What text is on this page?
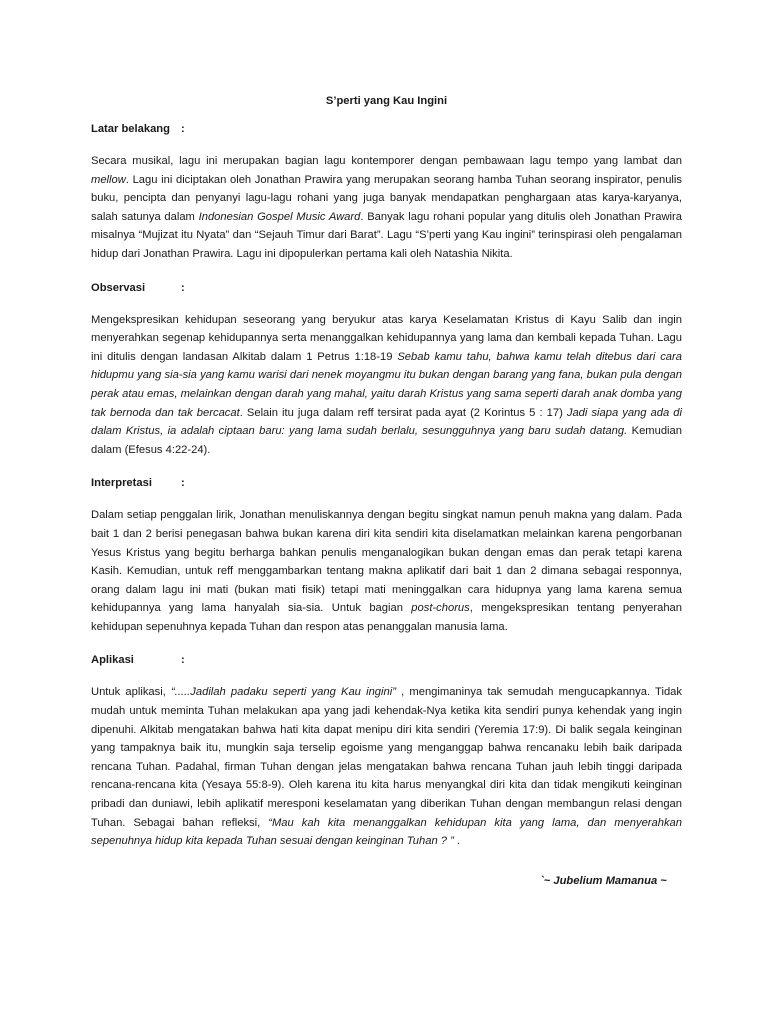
S’perti yang Kau Ingini
Latar belakang :

Secara musikal, lagu ini merupakan bagian lagu kontemporer dengan pembawaan lagu tempo yang lambat dan mellow. Lagu ini diciptakan oleh Jonathan Prawira yang merupakan seorang hamba Tuhan seorang inspirator, penulis buku, pencipta dan penyanyi lagu-lagu rohani yang juga banyak mendapatkan penghargaan atas karya-karyanya, salah satunya dalam Indonesian Gospel Music Award. Banyak lagu rohani popular yang ditulis oleh Jonathan Prawira misalnya “Mujizat itu Nyata” dan “Sejauh Timur dari Barat”. Lagu “S’perti yang Kau ingini” terinspirasi oleh pengalaman hidup dari Jonathan Prawira. Lagu ini dipopulerkan pertama kali oleh Natashia Nikita.

Observasi	:

Mengekspresikan kehidupan seseorang yang beryukur atas karya Keselamatan Kristus di Kayu Salib dan ingin menyerahkan segenap kehidupannya serta menanggalkan kehidupannya yang lama dan kembali kepada Tuhan. Lagu ini ditulis dengan landasan Alkitab dalam 1 Petrus 1:18-19 Sebab kamu tahu, bahwa kamu telah ditebus dari cara hidupmu yang sia-sia yang kamu warisi dari nenek moyangmu itu bukan dengan barang yang fana, bukan pula dengan perak atau emas, melainkan dengan darah yang mahal, yaitu darah Kristus yang sama seperti darah anak domba yang tak bernoda dan tak bercacat. Selain itu juga dalam reff tersirat pada ayat (2 Korintus 5 : 17) Jadi siapa yang ada di dalam Kristus, ia adalah ciptaan baru: yang lama sudah berlalu, sesungguhnya yang baru sudah datang. Kemudian dalam (Efesus 4:22-24).

Interpretasi	:

Dalam setiap penggalan lirik, Jonathan menuliskannya dengan begitu singkat namun penuh makna yang dalam. Pada bait 1 dan 2 berisi penegasan bahwa bukan karena diri kita sendiri kita diselamatkan melainkan karena pengorbanan Yesus Kristus yang begitu berharga bahkan penulis menganalogikan bukan dengan emas dan perak tetapi karena Kasih. Kemudian, untuk reff menggambarkan tentang makna aplikatif dari bait 1 dan 2 dimana sebagai responnya, orang dalam lagu ini mati (bukan mati fisik) tetapi mati meninggalkan cara hidupnya yang lama karena semua kehidupannya yang lama hanyalah sia-sia. Untuk bagian post-chorus, mengekspresikan tentang penyerahan kehidupan sepenuhnya kepada Tuhan dan respon atas penanggalan manusia lama.

Aplikasi	:

Untuk aplikasi, “.....Jadilah padaku seperti yang Kau ingini” , mengimaninya tak semudah mengucapkannya. Tidak mudah untuk meminta Tuhan melakukan apa yang jadi kehendak-Nya ketika kita sendiri punya kehendak yang ingin dipenuhi. Alkitab mengatakan bahwa hati kita dapat menipu diri kita sendiri (Yeremia 17:9). Di balik segala keinginan yang tampaknya baik itu, mungkin saja terselip egoisme yang menganggap bahwa rencanaku lebih baik daripada rencana Tuhan. Padahal, firman Tuhan dengan jelas mengatakan bahwa rencana Tuhan jauh lebih tinggi daripada rencana-rencana kita (Yesaya 55:8-9). Oleh karena itu kita harus menyangkal diri kita dan tidak mengikuti keinginan pribadi dan duniawi, lebih aplikatif meresponi keselamatan yang diberikan Tuhan dengan membangun relasi dengan Tuhan. Sebagai bahan refleksi, “Mau kah kita menanggalkan kehidupan kita yang lama, dan menyerahkan sepenuhnya hidup kita kepada Tuhan sesuai dengan keinginan Tuhan ? ” .

`~ Jubelium Mamanua ~
